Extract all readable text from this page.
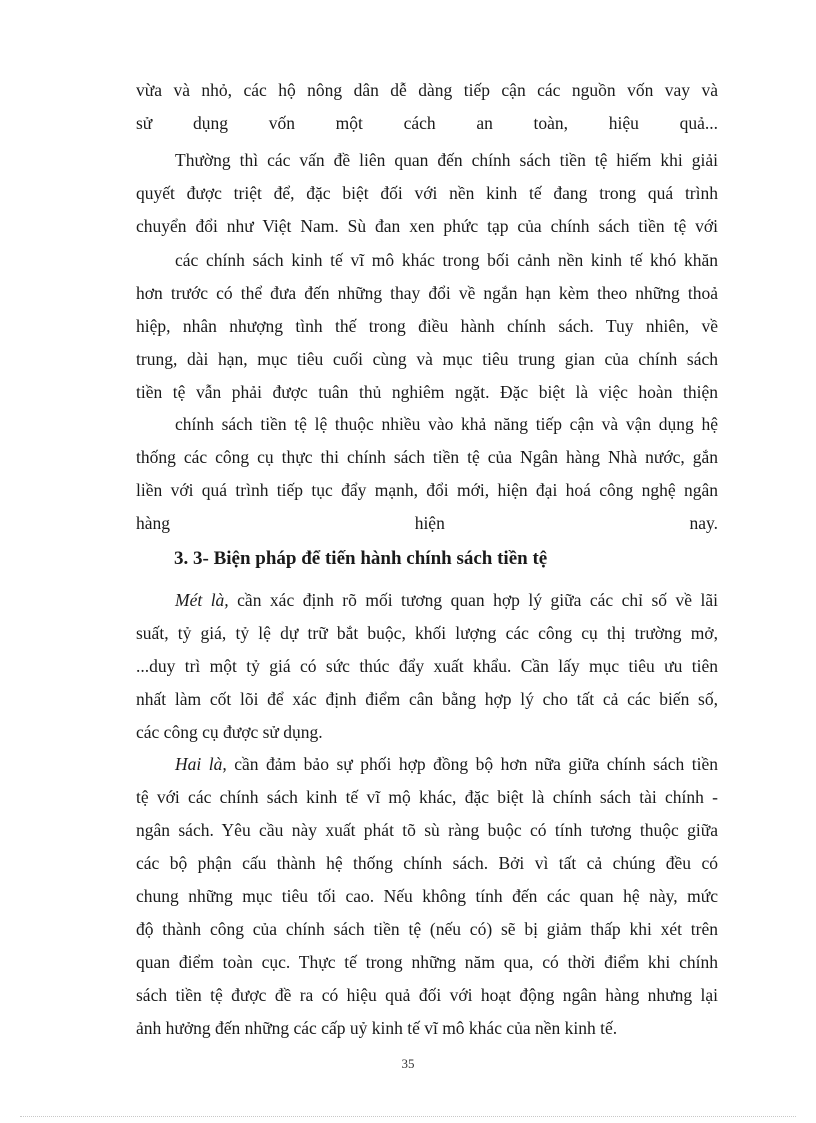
vừa và nhỏ, các hộ nông dân dễ dàng tiếp cận các nguồn vốn vay và
sử dụng vốn một cách an toàn, hiệu quả...
Thường thì các vấn đề liên quan đến chính sách tiền tệ hiếm khi giải
quyết được triệt để, đặc biệt đối với nền kinh tế đang trong quá trình
chuyển đổi như Việt Nam. Sù đan xen phức tạp của chính sách tiền tệ với
các chính sách kinh tế vĩ mô khác trong bối cảnh nền kinh tế khó khăn
hơn trước có thể đưa đến những thay đổi về ngắn hạn kèm theo những thoả
hiệp, nhân nhượng tình thế trong điều hành chính sách. Tuy nhiên, về
trung, dài hạn, mục tiêu cuối cùng và mục tiêu trung gian của chính sách
tiền tệ vẫn phải được tuân thủ nghiêm ngặt. Đặc biệt là việc hoàn thiện
chính sách tiền tệ lệ thuộc nhiều vào khả năng tiếp cận và vận dụng hệ
thống các công cụ thực thi chính sách tiền tệ của Ngân hàng Nhà nước, gắn
liền với quá trình tiếp tục đẩy mạnh, đổi mới, hiện đại hoá công nghệ ngân
hàng hiện nay.
3. 3- Biện pháp để tiến hành chính sách tiền tệ
Mét là, cần xác định rõ mối tương quan hợp lý giữa các chỉ số về lãi
suất, tỷ giá, tỷ lệ dự trữ bắt buộc, khối lượng các công cụ thị trường mở,
...duy trì một tỷ giá có sức thúc đẩy xuất khẩu. Cần lấy mục tiêu ưu tiên
nhất làm cốt lõi để xác định điểm cân bằng hợp lý cho tất cả các biến số,
các công cụ được sử dụng.
Hai là, cần đảm bảo sự phối hợp đồng bộ hơn nữa giữa chính sách tiền
tệ với các chính sách kinh tế vĩ mộ khác, đặc biệt là chính sách tài chính -
ngân sách. Yêu cầu này xuất phát tõ sù ràng buộc có tính tương thuộc giữa
các bộ phận cấu thành hệ thống chính sách. Bởi vì tất cả chúng đều có
chung những mục tiêu tối cao. Nếu không tính đến các quan hệ này, mức
độ thành công của chính sách tiền tệ (nếu có) sẽ bị giảm thấp khi xét trên
quan điểm toàn cục. Thực tế trong những năm qua, có thời điểm khi chính
sách tiền tệ được đề ra có hiệu quả đối với hoạt động ngân hàng nhưng lại
ảnh hưởng đến những các cấp uỷ kinh tế vĩ mô khác của nền kinh tế.
35
